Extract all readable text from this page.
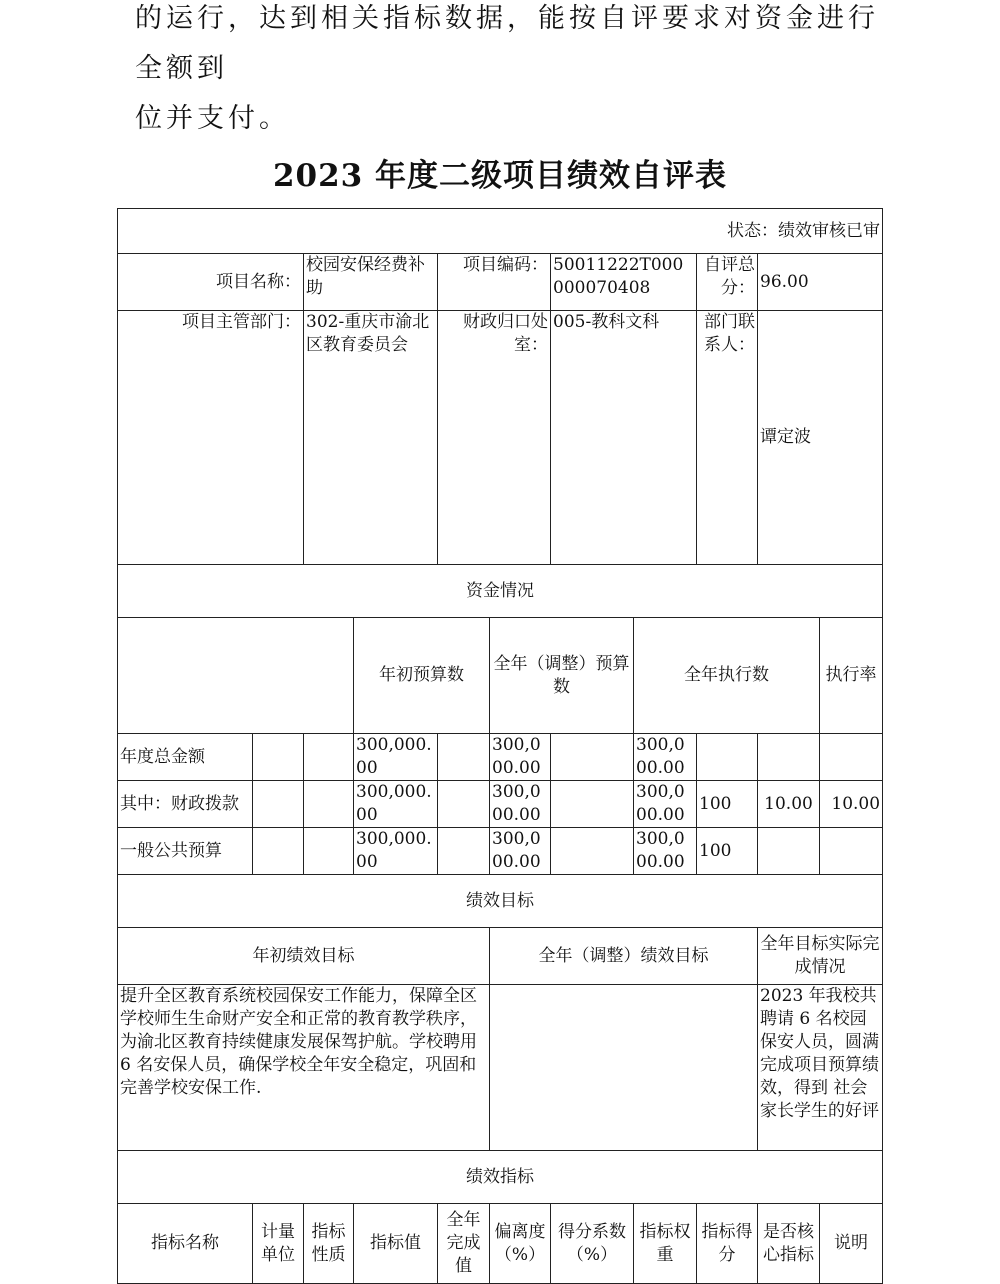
的运行，达到相关指标数据，能按自评要求对资金进行全额到
位并支付。
2023 年度二级项目绩效自评表
状态：绩效审核已审											
项目名称：		校园安保经费补助		项目编码：		50011222T000000070408		自评总分：	96.00		
项目主管部门：		302-重庆市渝北区教育委员会		财政归口处室：		005-教科文科		部门联系人：	谭定波		
资金情况											
			年初预算数		全年（调整）预算数		全年执行数			执行率		
年度总金额			300,000.00		300,000.00		300,000.00				
其中：财政拨款			300,000.00		300,000.00		300,000.00	100	10.00	10.00	
一般公共预算			300,000.00		300,000.00		300,000.00	100			
绩效目标											
年初绩效目标					全年（调整）绩效目标				全年目标实际完成情况		
提升全区教育系统校园保安工作能力，保障全区学校师生生命财产安全和正常的教育教学秩序，为渝北区教育持续健康发展保驾护航。学校聘用 6 名安保人员，确保学校全年安全稳定，巩固和完善学校安保工作.									2023 年我校共聘请 6 名校园保安人员，圆满完成项目预算绩效，得到 社会家长学生的好评		
绩效指标											
指标名称	计量单位	指标性质	指标值	全年完成值	偏离度（%）	得分系数（%）	指标权重	指标得分	是否核心指标	说明	
